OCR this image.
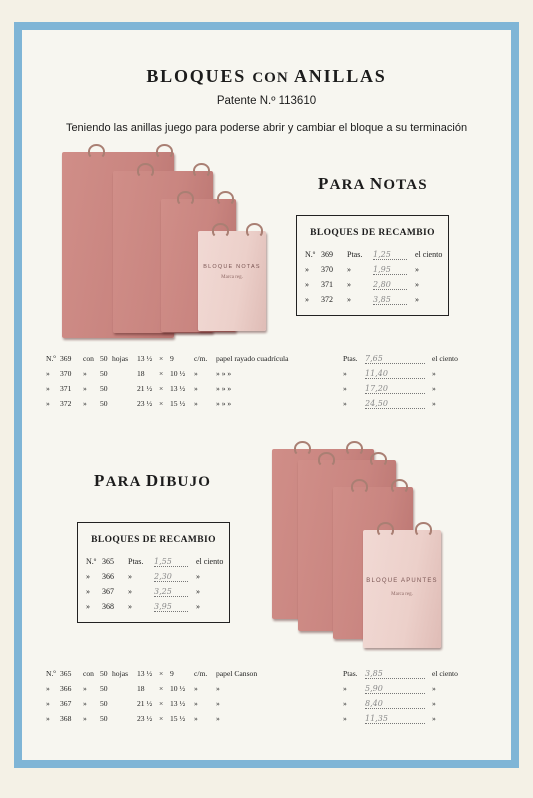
BLOQUES CON ANILLAS
Patente N.º 113610
Teniendo las anillas juego para poderse abrir y cambiar el bloque a su terminación
BLOQUE NOTAS
Marca reg.
PARA NOTAS
BLOQUES DE RECAMBIO
N.º 369 Ptas. 1,25	el ciento
» 370 »	1,95	»
» 371 »	2,80	»
» 372 »	3,85	»
N.º 369 con 50 hojas 13 ½ × 9	c/m. papel rayado cuadrícula	Ptas. 7,65	el ciento
» 370 » 50	18 × 10 ½ » » » »	» 11,40	»
» 371 » 50	21 ½ × 13 ½ » » » »	» 17,20	»
» 372 » 50	23 ½ × 15 ½ » » » »	» 24,50	»
BLOQUE APUNTES
Marca reg.
PARA DIBUJO
BLOQUES DE RECAMBIO
N.º 365 Ptas. 1,55	el ciento
» 366 »	2,30	»
» 367 »	3,25	»
» 368 »	3,95	»
N.º 365 con 50 hojas 13 ½ × 9	c/m. papel Canson	Ptas. 3,85	el ciento
» 366 » 50	18 × 10 ½ » »	» 5,90	»
» 367 » 50	21 ½ × 13 ½ » »	» 8,40	»
» 368 » 50	23 ½ × 15 ½ » »	» 11,35	»
